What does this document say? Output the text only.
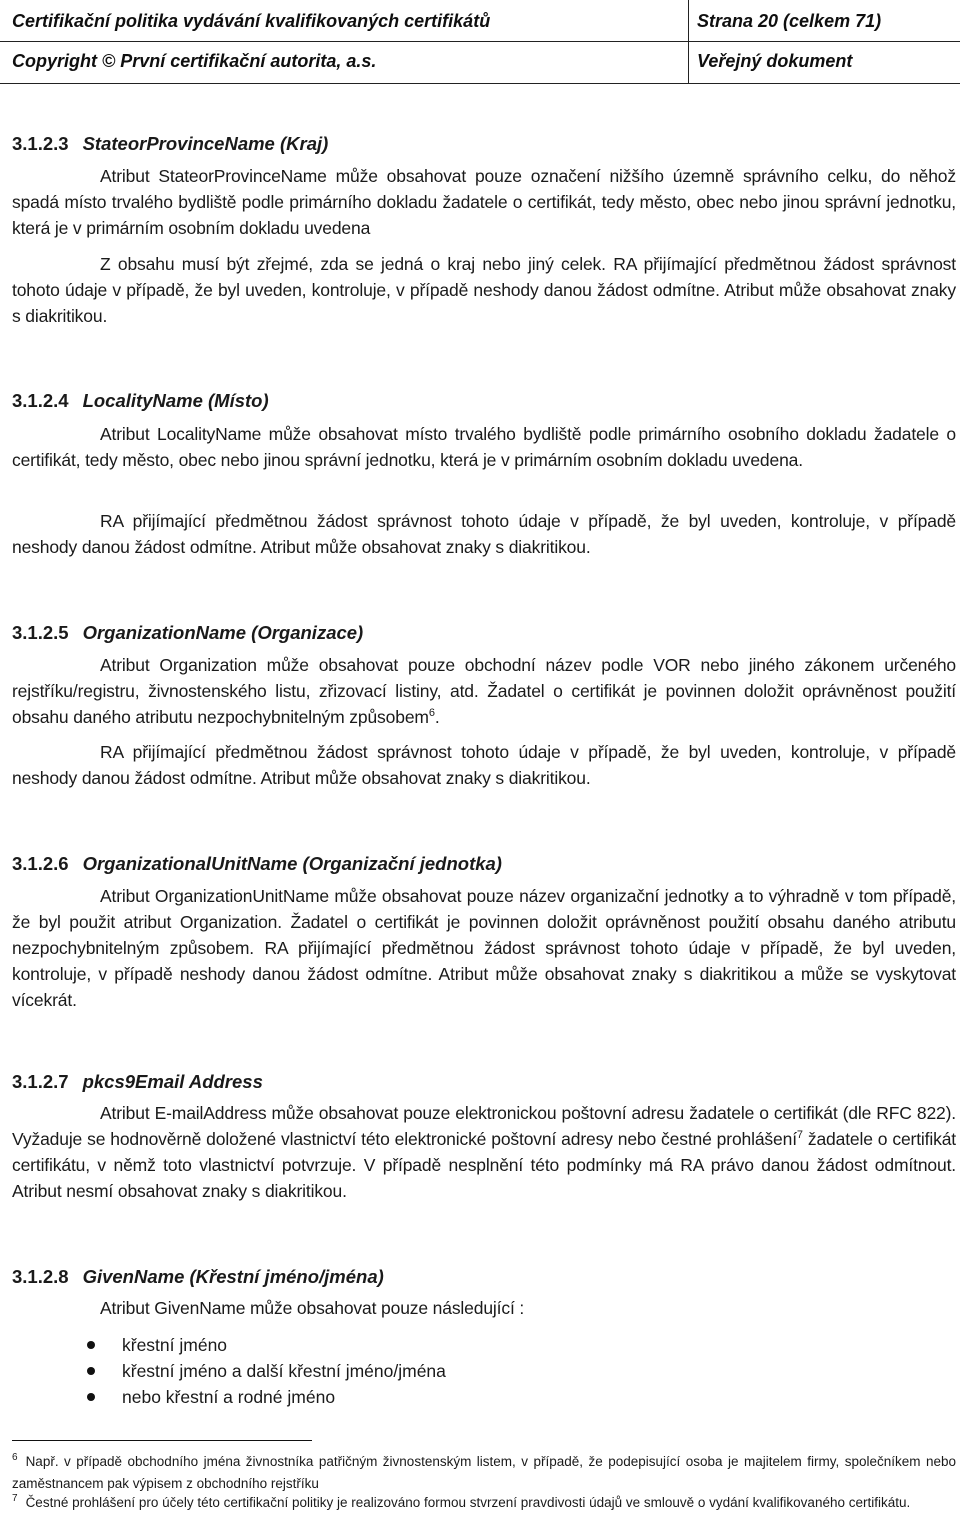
Certifikační politika vydávání kvalifikovaných certifikátů	Strana 20 (celkem 71)
Copyright © První certifikační autorita, a.s.	Veřejný dokument
3.1.2.3 StateorProvinceName (Kraj)
Atribut StateorProvinceName může obsahovat pouze označení nižšího územně správního celku, do něhož spadá místo trvalého bydliště podle primárního dokladu žadatele o certifikát, tedy město, obec nebo jinou správní jednotku, která je v primárním osobním dokladu uvedena
Z obsahu musí být zřejmé, zda se jedná o kraj nebo jiný celek. RA přijímající předmětnou žádost správnost tohoto údaje v případě, že byl uveden, kontroluje, v případě neshody danou žádost odmítne. Atribut může obsahovat znaky s diakritikou.
3.1.2.4 LocalityName (Místo)
Atribut LocalityName může obsahovat místo trvalého bydliště podle primárního osobního dokladu žadatele o certifikát, tedy město, obec nebo jinou správní jednotku, která je v primárním osobním dokladu uvedena.
RA přijímající předmětnou žádost správnost tohoto údaje v případě, že byl uveden, kontroluje, v případě neshody danou žádost odmítne. Atribut může obsahovat znaky s diakritikou.
3.1.2.5 OrganizationName (Organizace)
Atribut Organization může obsahovat pouze obchodní název podle VOR nebo jiného zákonem určeného rejstříku/registru, živnostenského listu, zřizovací listiny, atd. Žadatel o certifikát je povinnen doložit oprávněnost použití obsahu daného atributu nezpochybnitelným způsobem$^6$.
RA přijímající předmětnou žádost správnost tohoto údaje v případě, že byl uveden, kontroluje, v případě neshody danou žádost odmítne. Atribut může obsahovat znaky s diakritikou.
3.1.2.6 OrganizationalUnitName (Organizační jednotka)
Atribut OrganizationUnitName může obsahovat pouze název organizační jednotky a to výhradně v tom případě, že byl použit atribut Organization. Žadatel o certifikát je povinnen doložit oprávněnost použití obsahu daného atributu nezpochybnitelným způsobem. RA přijímající předmětnou žádost správnost tohoto údaje v případě, že byl uveden, kontroluje, v případě neshody danou žádost odmítne. Atribut může obsahovat znaky s diakritikou a může se vyskytovat vícekrát.
3.1.2.7 pkcs9Email Address
Atribut E-mailAddress může obsahovat pouze elektronickou poštovní adresu žadatele o certifikát (dle RFC 822). Vyžaduje se hodnověrně doložené vlastnictví této elektronické poštovní adresy nebo čestné prohlášení$^7$ žadatele o certifikát certifikátu, v němž toto vlastnictví potvrzuje. V případě nesplnění této podmínky má RA právo danou žádost odmítnout. Atribut nesmí obsahovat znaky s diakritikou.
3.1.2.8 GivenName (Křestní jméno/jména)
Atribut GivenName může obsahovat pouze následující :
křestní jméno
křestní jméno a další křestní jméno/jména
nebo křestní a rodné jméno
$^6$ Např. v případě obchodního jména živnostníka patřičným živnostenským listem, v případě, že podepisující osoba je majitelem firmy, společníkem nebo zaměstnancem pak výpisem z obchodního rejstříku
$^7$ Čestné prohlášení pro účely této certifikační politiky je realizováno formou stvrzení pravdivosti údajů ve smlouvě o vydání kvalifikovaného certifikátu.
